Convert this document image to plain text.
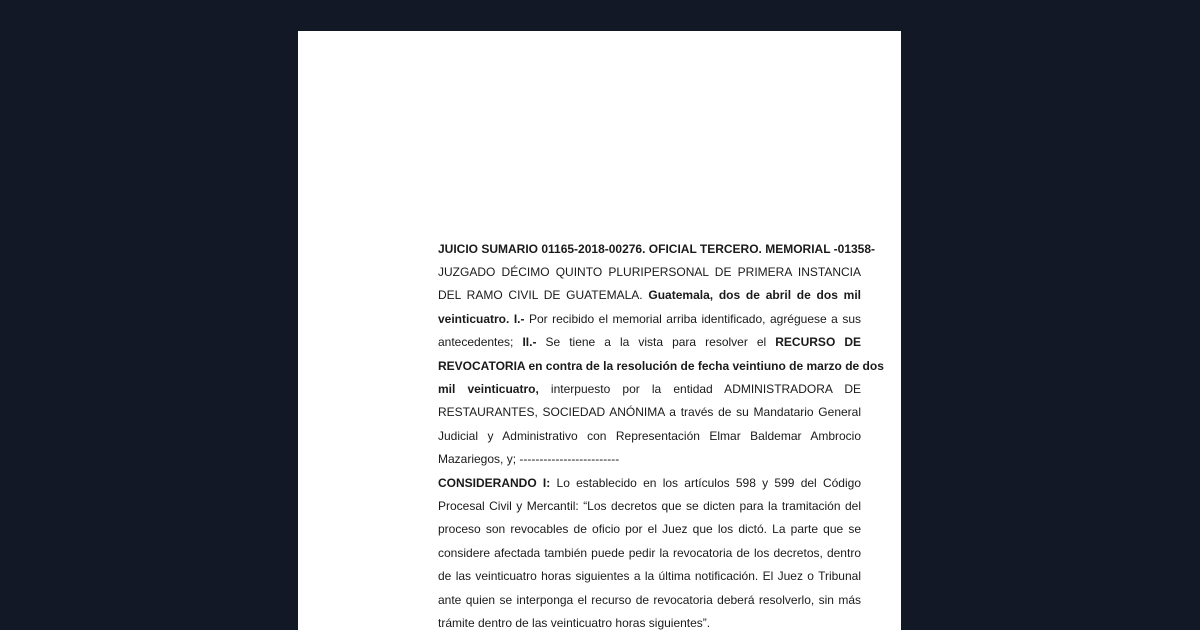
JUICIO SUMARIO 01165-2018-00276. OFICIAL TERCERO. MEMORIAL -01358-
JUZGADO DÉCIMO QUINTO PLURIPERSONAL DE PRIMERA INSTANCIA
DEL RAMO CIVIL DE GUATEMALA. Guatemala, dos de abril de dos mil
veinticuatro. I.- Por recibido el memorial arriba identificado, agréguese a sus
antecedentes; II.- Se tiene a la vista para resolver el RECURSO DE
REVOCATORIA en contra de la resolución de fecha veintiuno de marzo de dos
mil veinticuatro, interpuesto por la entidad ADMINISTRADORA DE
RESTAURANTES, SOCIEDAD ANÓNIMA a través de su Mandatario General
Judicial y Administrativo con Representación Elmar Baldemar Ambrocio
Mazariegos, y; -------------------------
CONSIDERANDO I: Lo establecido en los artículos 598 y 599 del Código
Procesal Civil y Mercantil: “Los decretos que se dicten para la tramitación del
proceso son revocables de oficio por el Juez que los dictó. La parte que se
considere afectada también puede pedir la revocatoria de los decretos, dentro
de las veinticuatro horas siguientes a la última notificación. El Juez o Tribunal
ante quien se interponga el recurso de revocatoria deberá resolverlo, sin más
trámite dentro de las veinticuatro horas siguientes”.
